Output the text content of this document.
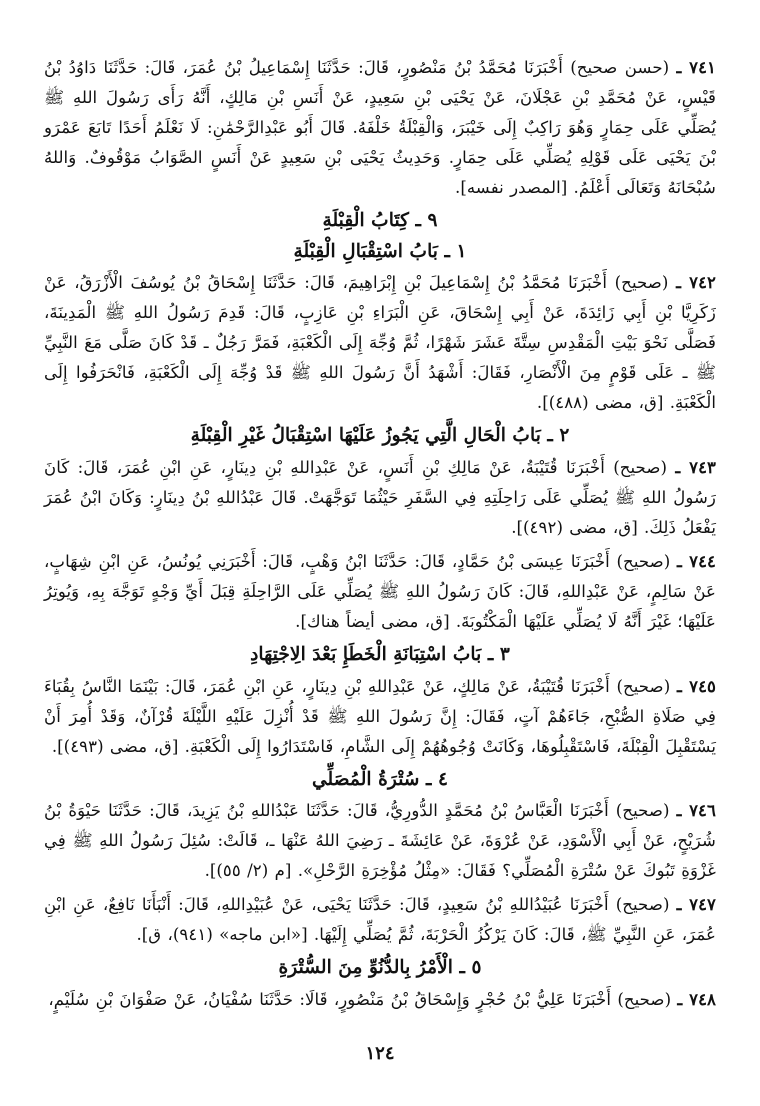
٧٤١ ـ (حسن صحيح) أَخْبَرَنَا مُحَمَّدُ بْنُ مَنْصُورٍ، قَالَ: حَدَّثَنَا إِسْمَاعِيلُ بْنُ عُمَرَ، قَالَ: حَدَّثَنَا دَاوُدُ بْنُ قَيْسٍ، عَنْ مُحَمَّدِ بْنِ عَجْلَانَ، عَنْ يَحْيَى بْنِ سَعِيدٍ، عَنْ أَنَسِ بْنِ مَالِكٍ، أَنَّهُ رَأَى رَسُولَ اللهِ ﷺ يُصَلِّي عَلَى حِمَارٍ وَهُوَ رَاكِبٌ إِلَى خَيْبَرَ، وَالْقِبْلَةُ خَلْفَهُ. قَالَ أَبُو عَبْدِالرَّحْمَٰنِ: لَا نَعْلَمُ أَحَدًا تَابَعَ عَمْرَو بْنَ يَحْيَى عَلَى قَوْلِهِ يُصَلِّي عَلَى حِمَارٍ. وَحَدِيثُ يَحْيَى بْنِ سَعِيدٍ عَنْ أَنَسٍ الصَّوَابُ مَوْقُوفٌ. وَاللهُ سُبْحَانَهُ وَتَعَالَى أَعْلَمُ. [المصدر نفسه].

٩ ـ كِتَابُ الْقِبْلَةِ
١ ـ بَابُ اسْتِقْبَالِ الْقِبْلَةِ

٧٤٢ ـ (صحيح) أَخْبَرَنَا مُحَمَّدُ بْنُ إِسْمَاعِيلَ بْنِ إِبْرَاهِيمَ، قَالَ: حَدَّثَنَا إِسْحَاقُ بْنُ يُوسُفَ الْأَزْرَقُ، عَنْ زَكَرِيَّا بْنِ أَبِي زَائِدَةَ، عَنْ أَبِي إِسْحَاقَ، عَنِ الْبَرَاءِ بْنِ عَازِبٍ، قَالَ: قَدِمَ رَسُولُ اللهِ ﷺ الْمَدِينَةَ، فَصَلَّى نَحْوَ بَيْتِ الْمَقْدِسِ سِتَّةَ عَشَرَ شَهْرًا، ثُمَّ وُجِّهَ إِلَى الْكَعْبَةِ، فَمَرَّ رَجُلٌ ـ قَدْ كَانَ صَلَّى مَعَ النَّبِيِّ ﷺ ـ عَلَى قَوْمٍ مِنَ الْأَنْصَارِ، فَقَالَ: أَشْهَدُ أَنَّ رَسُولَ اللهِ ﷺ قَدْ وُجِّهَ إِلَى الْكَعْبَةِ، فَانْحَرَفُوا إِلَى الْكَعْبَةِ. [ق، مضى (٤٨٨)].

٢ ـ بَابُ الْحَالِ الَّتِي يَجُوزُ عَلَيْهَا اسْتِقْبَالُ غَيْرِ الْقِبْلَةِ

٧٤٣ ـ (صحيح) أَخْبَرَنَا قُتَيْبَةُ، عَنْ مَالِكِ بْنِ أَنَسٍ، عَنْ عَبْدِاللهِ بْنِ دِينَارٍ، عَنِ ابْنِ عُمَرَ، قَالَ: كَانَ رَسُولُ اللهِ ﷺ يُصَلِّي عَلَى رَاحِلَتِهِ فِي السَّفَرِ حَيْثُمَا تَوَجَّهَتْ. قَالَ عَبْدُاللهِ بْنُ دِينَارٍ: وَكَانَ ابْنُ عُمَرَ يَفْعَلُ ذَلِكَ. [ق، مضى (٤٩٢)].

٧٤٤ ـ (صحيح) أَخْبَرَنَا عِيسَى بْنُ حَمَّادٍ، قَالَ: حَدَّثَنَا ابْنُ وَهْبٍ، قَالَ: أَخْبَرَنِي يُونُسُ، عَنِ ابْنِ شِهَابٍ، عَنْ سَالِمٍ، عَنْ عَبْدِاللهِ، قَالَ: كَانَ رَسُولُ اللهِ ﷺ يُصَلِّي عَلَى الرَّاحِلَةِ قِبَلَ أَيِّ وَجْهٍ تَوَجَّهَ بِهِ، وَيُوتِرُ عَلَيْهَا؛ غَيْرَ أَنَّهُ لَا يُصَلِّي عَلَيْهَا الْمَكْتُوبَةَ. [ق، مضى أيضاً هناك].

٣ ـ بَابُ اسْتِبَانَةِ الْخَطَإِ بَعْدَ الِاجْتِهَادِ

٧٤٥ ـ (صحيح) أَخْبَرَنَا قُتَيْبَةُ، عَنْ مَالِكٍ، عَنْ عَبْدِاللهِ بْنِ دِينَارٍ، عَنِ ابْنِ عُمَرَ، قَالَ: بَيْنَمَا النَّاسُ بِقُبَاءَ فِي صَلَاةِ الصُّبْحِ، جَاءَهُمْ آتٍ، فَقَالَ: إِنَّ رَسُولَ اللهِ ﷺ قَدْ أُنْزِلَ عَلَيْهِ اللَّيْلَةَ قُرْآنٌ، وَقَدْ أُمِرَ أَنْ يَسْتَقْبِلَ الْقِبْلَةَ، فَاسْتَقْبِلُوهَا، وَكَانَتْ وُجُوهُهُمْ إِلَى الشَّامِ، فَاسْتَدَارُوا إِلَى الْكَعْبَةِ. [ق، مضى (٤٩٣)].

٤ ـ سُتْرَةُ الْمُصَلِّي

٧٤٦ ـ (صحيح) أَخْبَرَنَا الْعَبَّاسُ بْنُ مُحَمَّدٍ الدُّورِيُّ، قَالَ: حَدَّثَنَا عَبْدُاللهِ بْنُ يَزِيدَ، قَالَ: حَدَّثَنَا حَيْوَةُ بْنُ شُرَيْحٍ، عَنْ أَبِي الْأَسْوَدِ، عَنْ عُرْوَةَ، عَنْ عَائِشَةَ ـ رَضِيَ اللهُ عَنْهَا ـ، قَالَتْ: سُئِلَ رَسُولُ اللهِ ﷺ فِي غَزْوَةِ تَبُوكَ عَنْ سُتْرَةِ الْمُصَلِّي؟ فَقَالَ: «مِثْلُ مُؤْخِرَةِ الرَّحْلِ». [م (٢/ ٥٥)].

٧٤٧ ـ (صحيح) أَخْبَرَنَا عُبَيْدُاللهِ بْنُ سَعِيدٍ، قَالَ: حَدَّثَنَا يَحْيَى، عَنْ عُبَيْدِاللهِ، قَالَ: أَنْبَأَنَا نَافِعٌ، عَنِ ابْنِ عُمَرَ، عَنِ النَّبِيِّ ﷺ، قَالَ: كَانَ يَرْكُزُ الْحَرْبَةَ، ثُمَّ يُصَلِّي إِلَيْهَا. [«ابن ماجه» (٩٤١)، ق].

٥ ـ الْأَمْرُ بِالدُّنُوِّ مِنَ السُّتْرَةِ

٧٤٨ ـ (صحيح) أَخْبَرَنَا عَلِيُّ بْنُ حُجْرٍ وَإِسْحَاقُ بْنُ مَنْصُورٍ، قَالَا: حَدَّثَنَا سُفْيَانُ، عَنْ صَفْوَانَ بْنِ سُلَيْمٍ،

١٢٤
